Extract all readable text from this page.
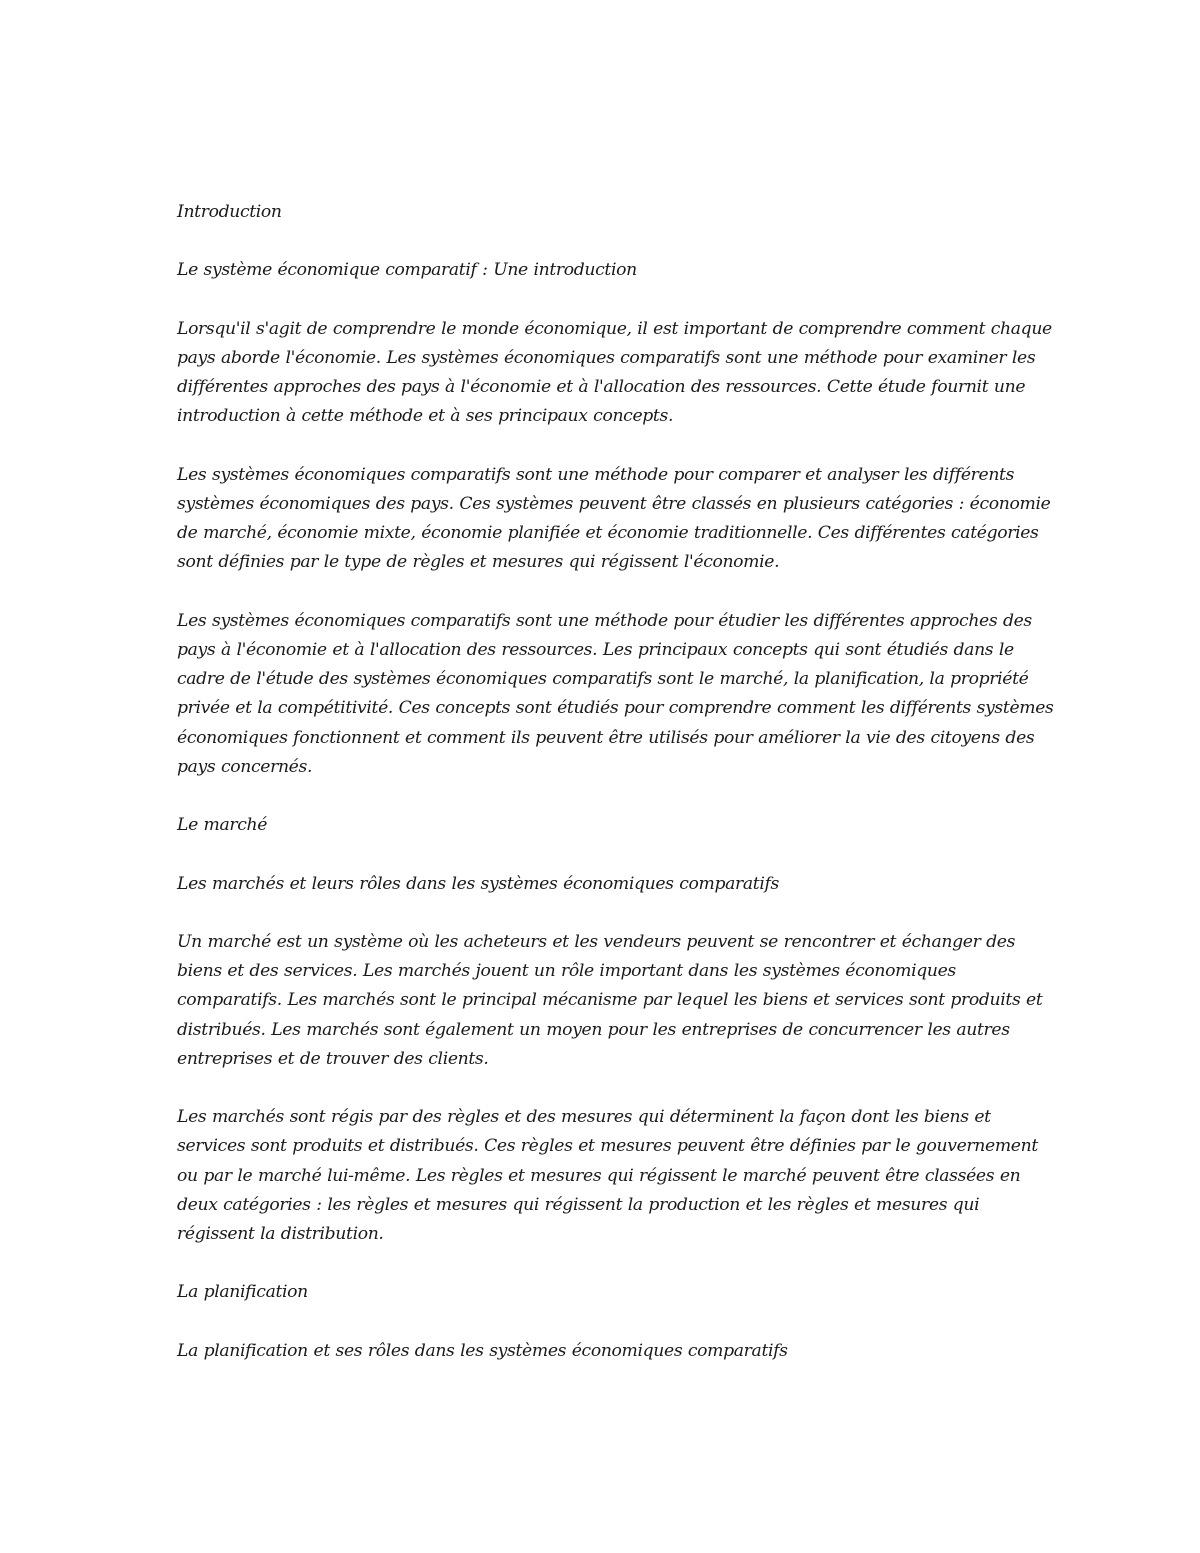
Introduction

Le système économique comparatif : Une introduction

Lorsqu'il s'agit de comprendre le monde économique, il est important de comprendre comment chaque pays aborde l'économie. Les systèmes économiques comparatifs sont une méthode pour examiner les différentes approches des pays à l'économie et à l'allocation des ressources. Cette étude fournit une introduction à cette méthode et à ses principaux concepts.

Les systèmes économiques comparatifs sont une méthode pour comparer et analyser les différents systèmes économiques des pays. Ces systèmes peuvent être classés en plusieurs catégories : économie de marché, économie mixte, économie planifiée et économie traditionnelle. Ces différentes catégories sont définies par le type de règles et mesures qui régissent l'économie.

Les systèmes économiques comparatifs sont une méthode pour étudier les différentes approches des pays à l'économie et à l'allocation des ressources. Les principaux concepts qui sont étudiés dans le cadre de l'étude des systèmes économiques comparatifs sont le marché, la planification, la propriété privée et la compétitivité. Ces concepts sont étudiés pour comprendre comment les différents systèmes économiques fonctionnent et comment ils peuvent être utilisés pour améliorer la vie des citoyens des pays concernés.

Le marché

Les marchés et leurs rôles dans les systèmes économiques comparatifs

Un marché est un système où les acheteurs et les vendeurs peuvent se rencontrer et échanger des biens et des services. Les marchés jouent un rôle important dans les systèmes économiques comparatifs. Les marchés sont le principal mécanisme par lequel les biens et services sont produits et distribués. Les marchés sont également un moyen pour les entreprises de concurrencer les autres entreprises et de trouver des clients.

Les marchés sont régis par des règles et des mesures qui déterminent la façon dont les biens et services sont produits et distribués. Ces règles et mesures peuvent être définies par le gouvernement ou par le marché lui-même. Les règles et mesures qui régissent le marché peuvent être classées en deux catégories : les règles et mesures qui régissent la production et les règles et mesures qui régissent la distribution.

La planification

La planification et ses rôles dans les systèmes économiques comparatifs
